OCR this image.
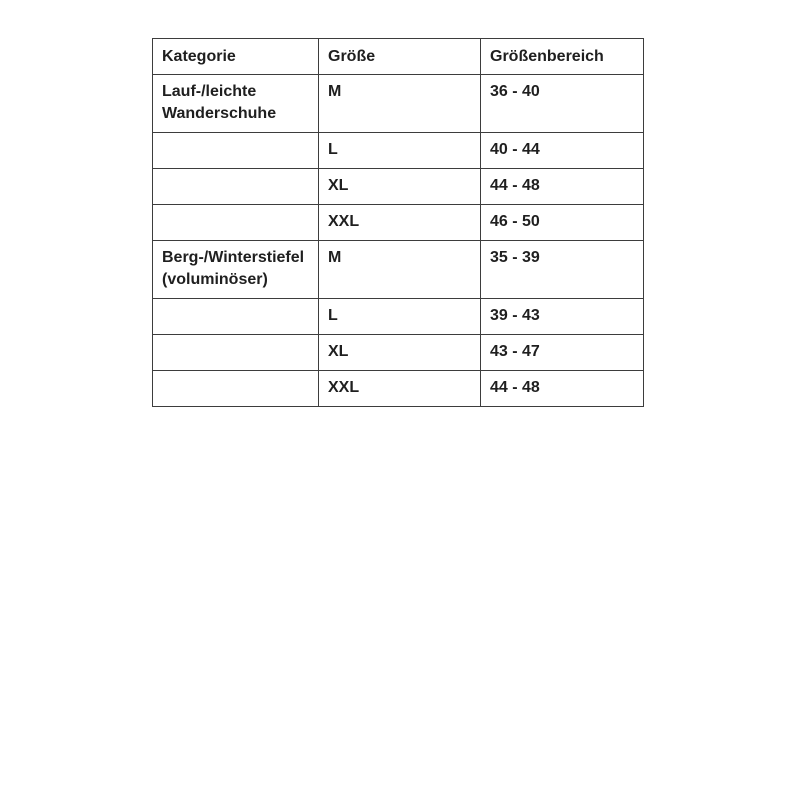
Kategorie	Größe	Größenbereich
Lauf-/leichte Wanderschuhe	M	36 - 40
	L	40 - 44
	XL	44 - 48
	XXL	46 - 50
Berg-/Winterstiefel (voluminöser)	M	35 - 39
	L	39 - 43
	XL	43 - 47
	XXL	44 - 48
